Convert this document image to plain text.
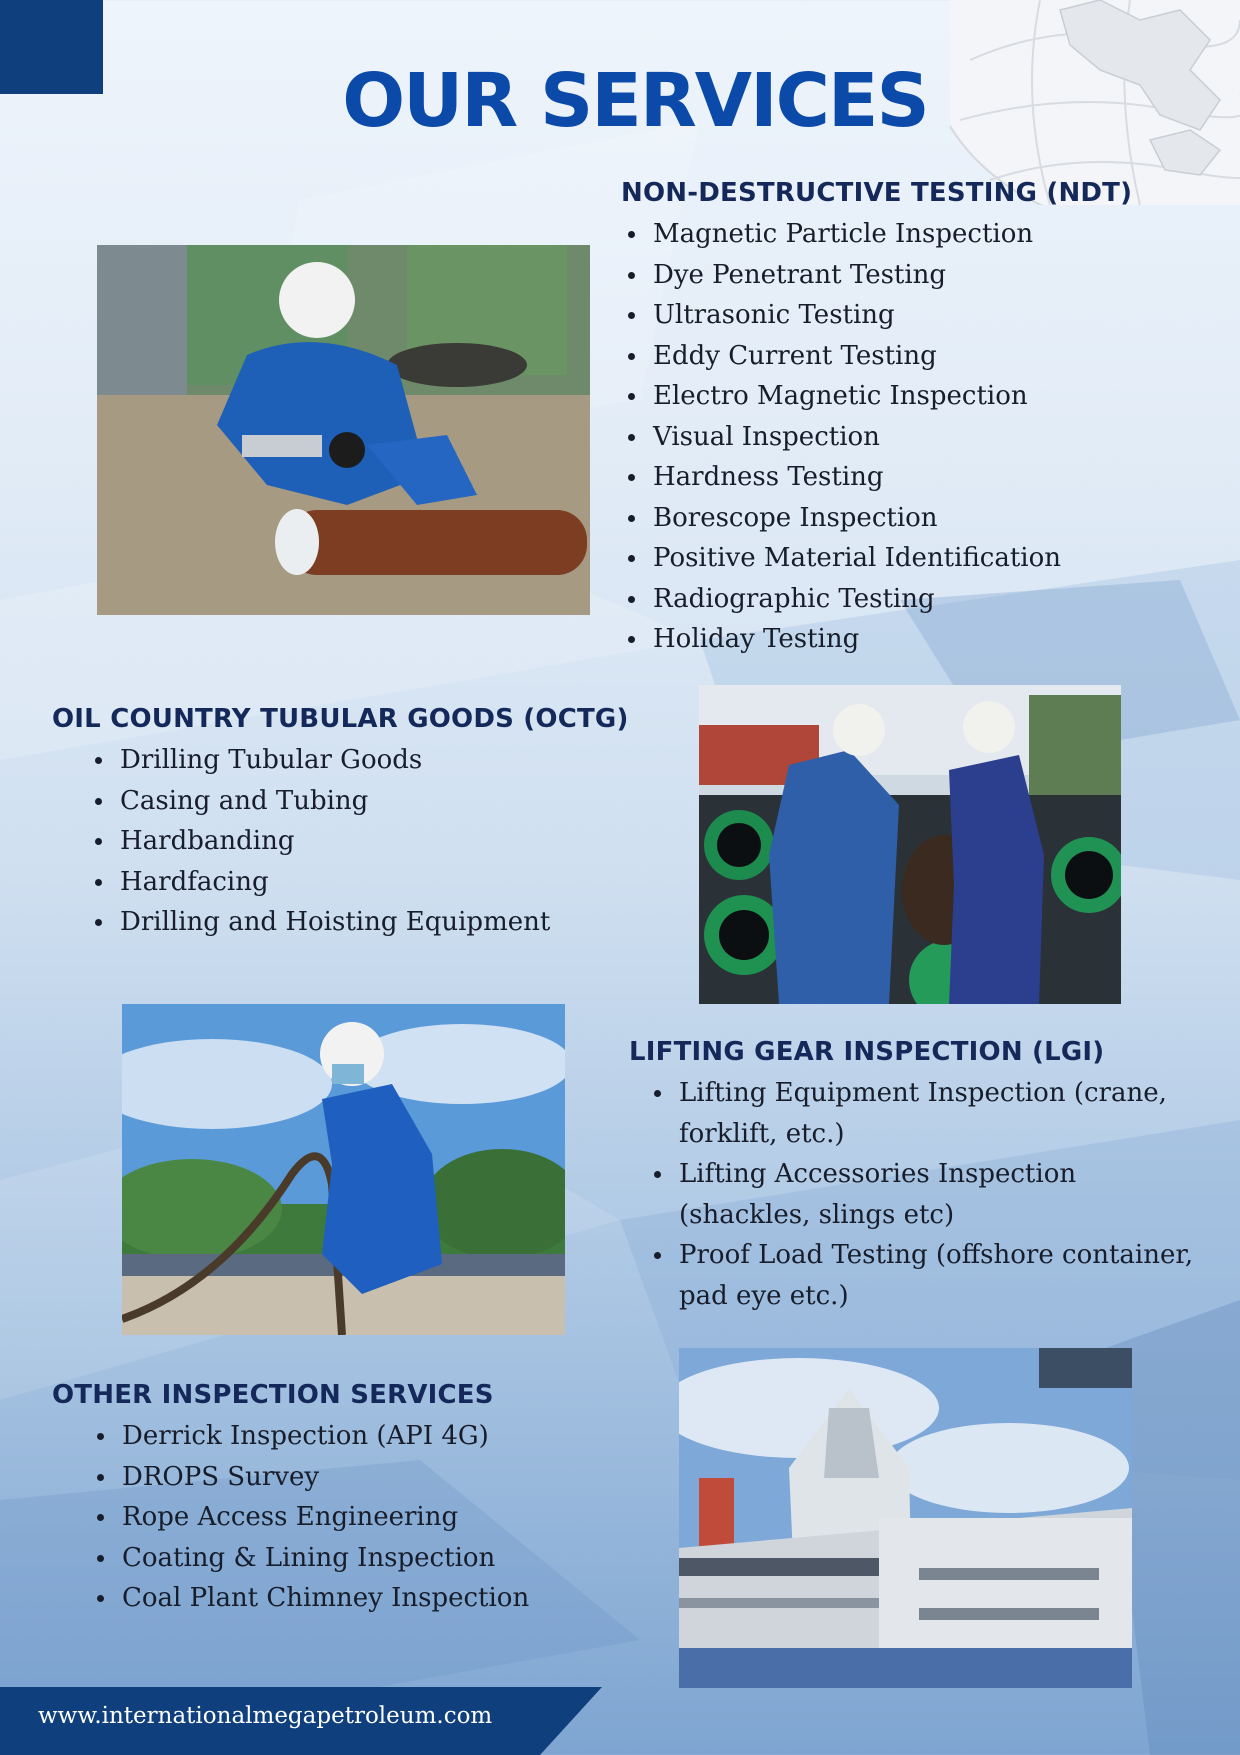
OUR SERVICES
NON-DESTRUCTIVE TESTING (NDT)
Magnetic Particle Inspection
Dye Penetrant Testing
Ultrasonic Testing
Eddy Current Testing
Electro Magnetic Inspection
Visual Inspection
Hardness Testing
Borescope Inspection
Positive Material Identification
Radiographic Testing
Holiday Testing
OIL COUNTRY TUBULAR GOODS (OCTG)
Drilling Tubular Goods
Casing and Tubing
Hardbanding
Hardfacing
Drilling and Hoisting Equipment
LIFTING GEAR INSPECTION (LGI)
Lifting Equipment Inspection (crane, forklift, etc.)
Lifting Accessories Inspection (shackles, slings etc)
Proof Load Testing (offshore container, pad eye etc.)
OTHER INSPECTION SERVICES
Derrick Inspection (API 4G)
DROPS Survey
Rope Access Engineering
Coating & Lining Inspection
Coal Plant Chimney Inspection
www.internationalmegapetroleum.com
